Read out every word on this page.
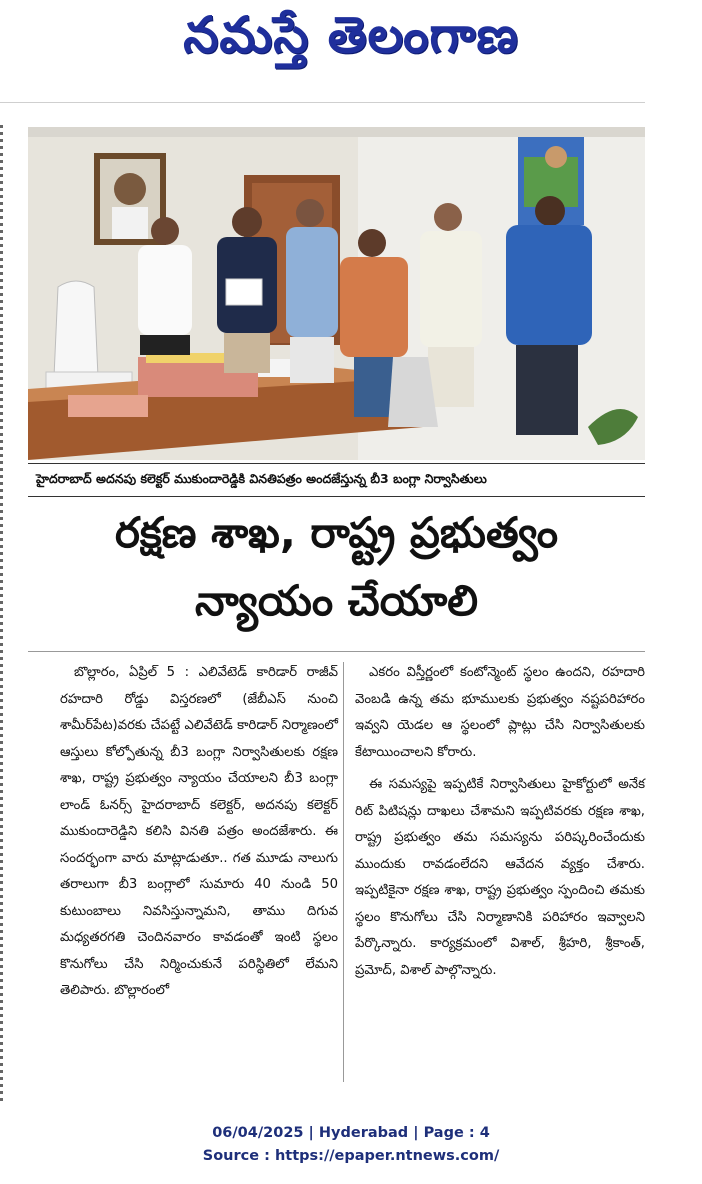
నమస్తే తెలంగాణ
హైదరాబాద్ అదనపు కలెక్టర్ ముకుందారెడ్డికి వినతిపత్రం అందజేస్తున్న బీ3 బంగ్లా నిర్వాసితులు
రక్షణ శాఖ, రాష్ట్ర ప్రభుత్వం
న్యాయం చేయాలి

బొల్లారం, ఏప్రిల్ 5 : ఎలివేటెడ్ కారిడార్ రాజీవ్ రహదారి రోడ్డు విస్తరణలో (జేబీఎస్ నుంచి శామీర్‌పేట)వరకు చేపట్టే ఎలివేటెడ్ కారిడార్ నిర్మాణంలో ఆస్తులు కోల్పోతున్న బీ3 బంగ్లా నిర్వాసితులకు రక్షణ శాఖ, రాష్ట్ర ప్రభుత్వం న్యాయం చేయాలని బీ3 బంగ్లా లాండ్ ఓనర్స్ హైదరాబాద్ కలెక్టర్, అదనపు కలెక్టర్ ముకుందారెడ్డిని కలిసి వినతి పత్రం అందజేశారు. ఈ సందర్భంగా వారు మాట్లాడుతూ.. గత మూడు నాలుగు తరాలుగా బీ3 బంగ్లాలో సుమారు 40 నుండి 50 కుటుంబాలు నివసిస్తున్నామని, తాము దిగువ మధ్యతరగతి చెందినవారం కావడంతో ఇంటి స్థలం కొనుగోలు చేసి నిర్మించుకునే పరిస్థితిలో లేమని తెలిపారు. బొల్లారంలో

ఎకరం విస్తీర్ణంలో కంటోన్మెంట్ స్థలం ఉందని, రహదారి వెంబడి ఉన్న తమ భూములకు ప్రభుత్వం నష్టపరిహారం ఇవ్వని యెడల ఆ స్థలంలో ప్లాట్లు చేసి నిర్వాసితులకు కేటాయించాలని కోరారు.

ఈ సమస్యపై ఇప్పటికే నిర్వాసితులు హైకోర్టులో అనేక రిట్ పిటిషన్లు దాఖలు చేశామని ఇప్పటివరకు రక్షణ శాఖ, రాష్ట్ర ప్రభుత్వం తమ సమస్యను పరిష్కరించేందుకు ముందుకు రావడంలేదని ఆవేదన వ్యక్తం చేశారు. ఇప్పటికైనా రక్షణ శాఖ, రాష్ట్ర ప్రభుత్వం స్పందించి తమకు స్థలం కొనుగోలు చేసి నిర్మాణానికి పరిహారం ఇవ్వాలని పేర్కొన్నారు. కార్యక్రమంలో విశాల్, శ్రీహరి, శ్రీకాంత్, ప్రమోద్, విశాల్ పాల్గొన్నారు.

06/04/2025 | Hyderabad | Page : 4
Source : https://epaper.ntnews.com/
